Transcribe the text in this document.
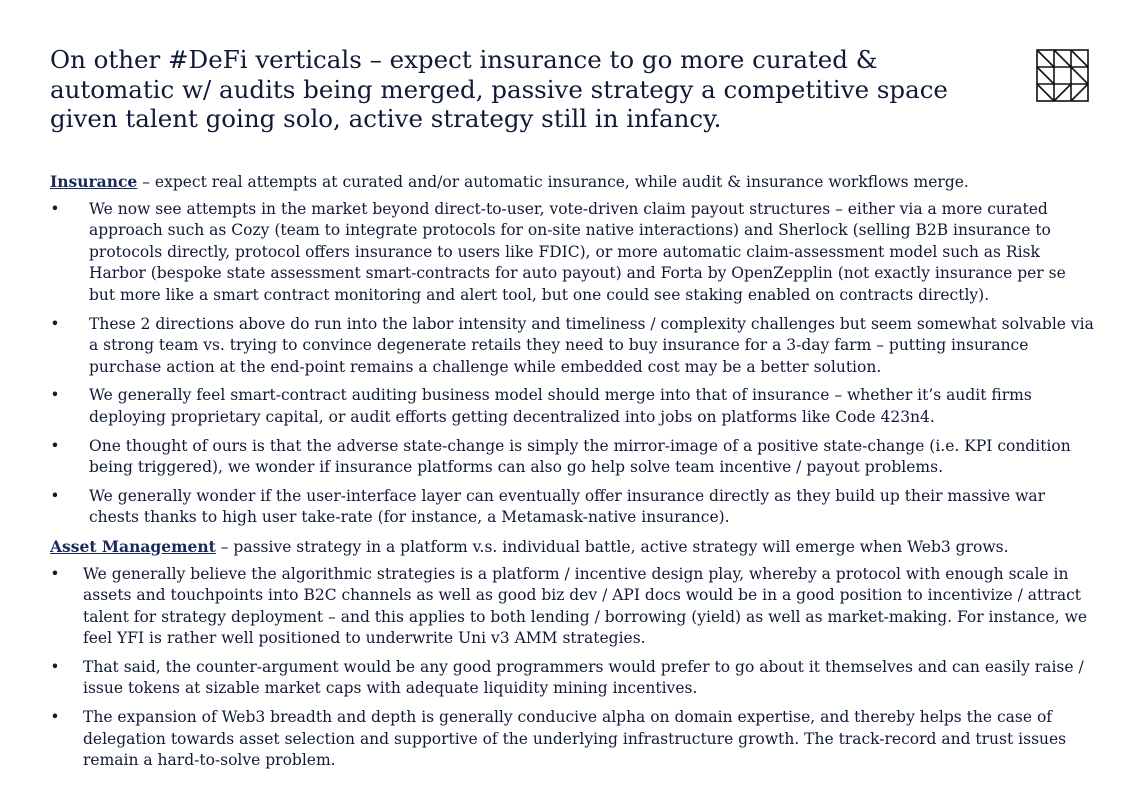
On other #DeFi verticals – expect insurance to go more curated &
automatic w/ audits being merged, passive strategy a competitive space
given talent going solo, active strategy still in infancy.

Insurance – expect real attempts at curated and/or automatic insurance, while audit & insurance workflows merge.

• We now see attempts in the market beyond direct-to-user, vote-driven claim payout structures – either via a more curated approach such as Cozy (team to integrate protocols for on-site native interactions) and Sherlock (selling B2B insurance to protocols directly, protocol offers insurance to users like FDIC), or more automatic claim-assessment model such as Risk Harbor (bespoke state assessment smart-contracts for auto payout) and Forta by OpenZepplin (not exactly insurance per se but more like a smart contract monitoring and alert tool, but one could see staking enabled on contracts directly).
• These 2 directions above do run into the labor intensity and timeliness / complexity challenges but seem somewhat solvable via a strong team vs. trying to convince degenerate retails they need to buy insurance for a 3-day farm – putting insurance purchase action at the end-point remains a challenge while embedded cost may be a better solution.
• We generally feel smart-contract auditing business model should merge into that of insurance – whether it’s audit firms deploying proprietary capital, or audit efforts getting decentralized into jobs on platforms like Code 423n4.
• One thought of ours is that the adverse state-change is simply the mirror-image of a positive state-change (i.e. KPI condition being triggered), we wonder if insurance platforms can also go help solve team incentive / payout problems.
• We generally wonder if the user-interface layer can eventually offer insurance directly as they build up their massive war chests thanks to high user take-rate (for instance, a Metamask-native insurance).

Asset Management – passive strategy in a platform v.s. individual battle, active strategy will emerge when Web3 grows.

• We generally believe the algorithmic strategies is a platform / incentive design play, whereby a protocol with enough scale in assets and touchpoints into B2C channels as well as good biz dev / API docs would be in a good position to incentivize / attract talent for strategy deployment – and this applies to both lending / borrowing (yield) as well as market-making. For instance, we feel YFI is rather well positioned to underwrite Uni v3 AMM strategies.
• That said, the counter-argument would be any good programmers would prefer to go about it themselves and can easily raise / issue tokens at sizable market caps with adequate liquidity mining incentives.
• The expansion of Web3 breadth and depth is generally conducive alpha on domain expertise, and thereby helps the case of delegation towards asset selection and supportive of the underlying infrastructure growth. The track-record and trust issues remain a hard-to-solve problem.
